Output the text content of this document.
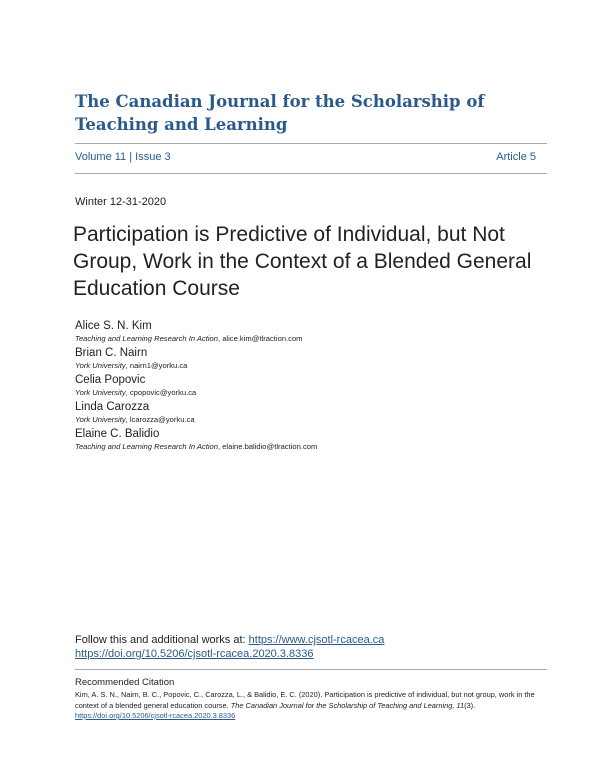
The Canadian Journal for the Scholarship of Teaching and Learning
Volume 11 | Issue 3	Article 5
Winter 12-31-2020
Participation is Predictive of Individual, but Not Group, Work in the Context of a Blended General Education Course
Alice S. N. Kim
Teaching and Learning Research In Action, alice.kim@tlraction.com
Brian C. Nairn
York University, nairn1@yorku.ca
Celia Popovic
York University, cpopovic@yorku.ca
Linda Carozza
York University, lcarozza@yorku.ca
Elaine C. Balidio
Teaching and Learning Research In Action, elaine.balidio@tlraction.com
Follow this and additional works at: https://www.cjsotl-rcacea.ca
https://doi.org/10.5206/cjsotl-rcacea.2020.3.8336
Recommended Citation
Kim, A. S. N., Nairn, B. C., Popovic, C., Carozza, L., & Balidio, E. C. (2020). Participation is predictive of individual, but not group, work in the context of a blended general education course. The Canadian Journal for the Scholarship of Teaching and Learning, 11(3). https://doi.org/10.5206/cjsotl-rcacea.2020.3.8336
